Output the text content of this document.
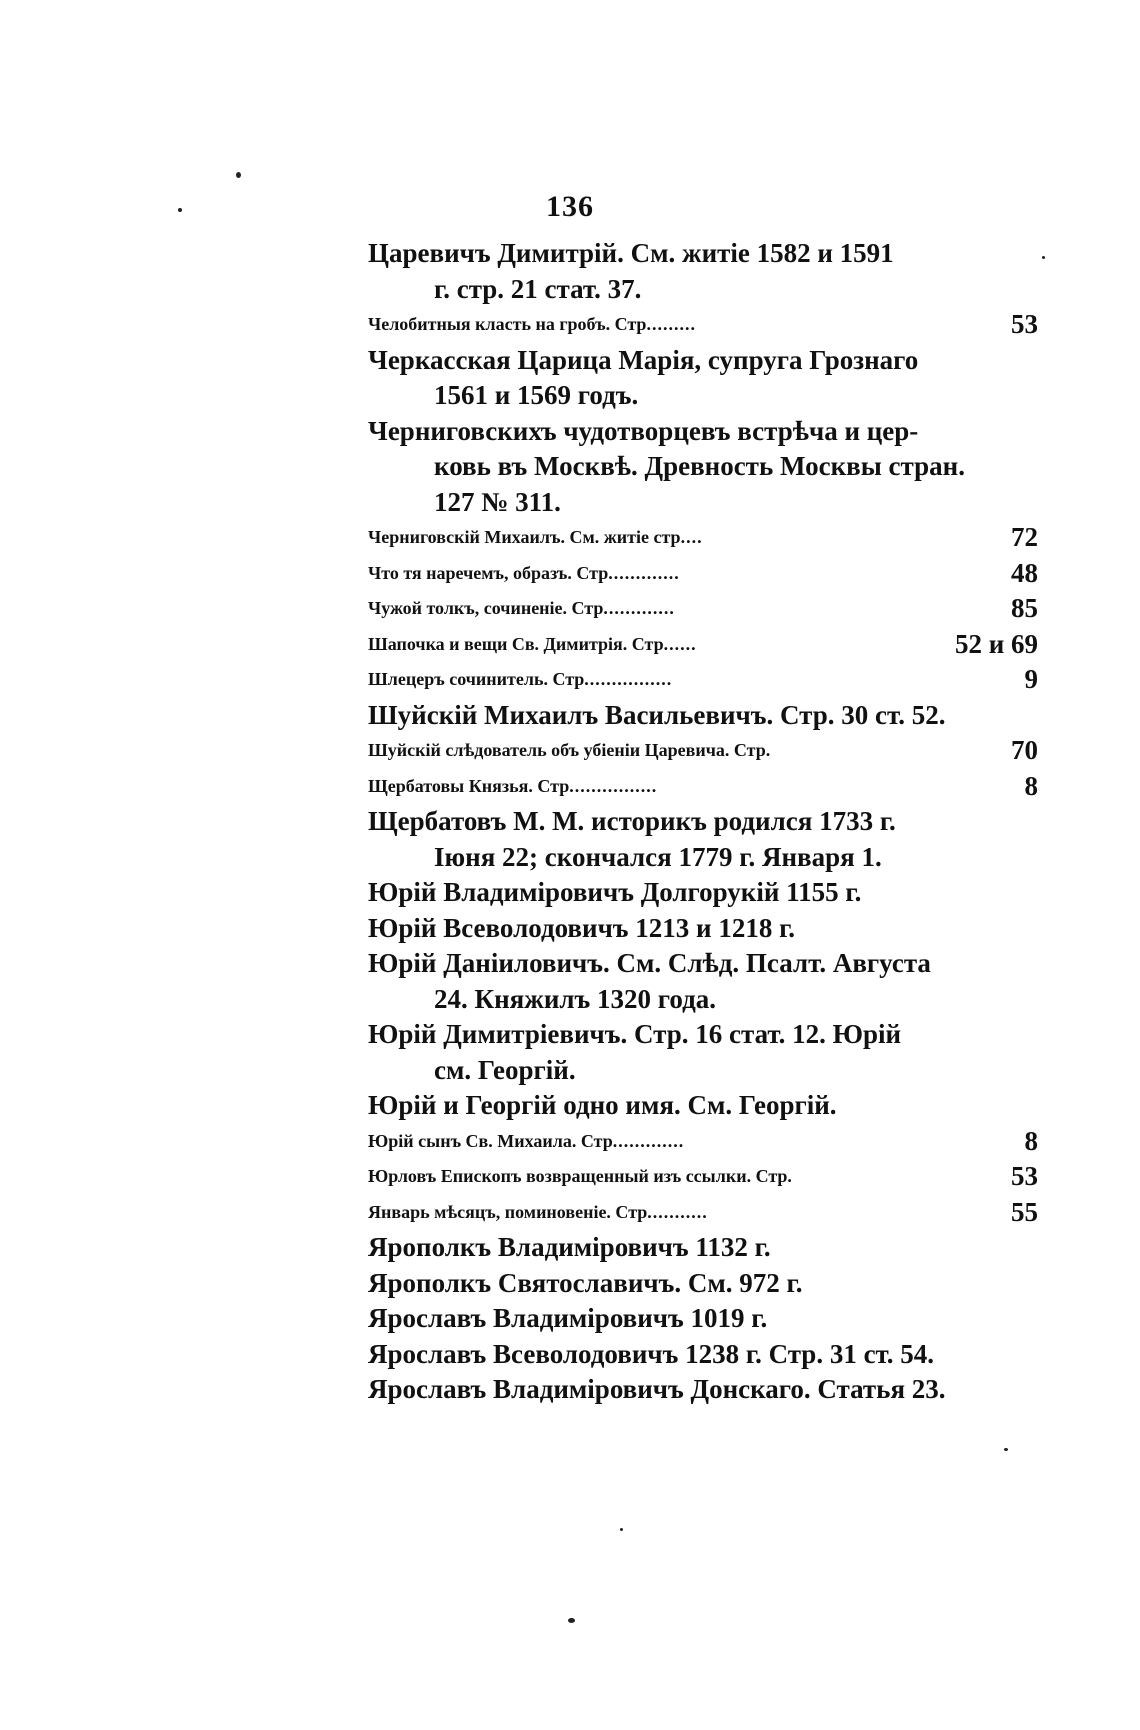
136
Царевичъ Димитрій. См. житіе 1582 и 1591
г. стр. 21 стат. 37.
Челобитныя класть на гробъ. Стр.........	53
Черкасская Царица Марія, супруга Грознаго
1561 и 1569 годъ.
Черниговскихъ чудотворцевъ встрѣча и цер-
ковь въ Москвѣ. Древность Москвы стран.
127 № 311.
Черниговскій Михаилъ. См. житіе стр....	72
Что тя наречемъ, образъ. Стр.............	48
Чужой толкъ, сочиненіе. Стр.............	85
Шапочка и вещи Св. Димитрія. Стр......	52 и 69
Шлецеръ сочинитель. Стр................	9
Шуйскій Михаилъ Васильевичъ. Стр. 30 ст. 52.
Шуйскій слѣдователь объ убіеніи Царевича. Стр.	70
Щербатовы Князья. Стр................	8
Щербатовъ М. М. историкъ родился 1733 г.
Іюня 22; скончался 1779 г. Января 1.
Юрій Владиміровичъ Долгорукій 1155 г.
Юрій Всеволодовичъ 1213 и 1218 г.
Юрій Даніиловичъ. См. Слѣд. Псалт. Августа
24. Княжилъ 1320 года.
Юрій Димитріевичъ. Стр. 16 стат. 12. Юрій
см. Георгій.
Юрій и Георгій одно имя. См. Георгій.
Юрій сынъ Св. Михаила. Стр.............	8
Юрловъ Епископъ возвращенный изъ ссылки. Стр.	53
Январь мѣсяцъ, поминовеніе. Стр...........	55
Ярополкъ Владиміровичъ 1132 г.
Ярополкъ Святославичъ. См. 972 г.
Ярославъ Владиміровичъ 1019 г.
Ярославъ Всеволодовичъ 1238 г. Стр. 31 ст. 54.
Ярославъ Владиміровичъ Донскаго. Статья 23.
